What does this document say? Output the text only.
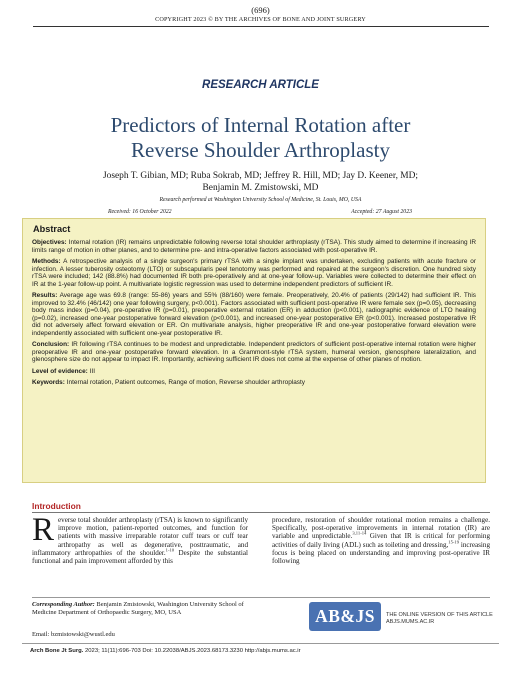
(696)
COPYRIGHT 2023 © BY THE ARCHIVES OF BONE AND JOINT SURGERY
RESEARCH ARTICLE
Predictors of Internal Rotation after
Reverse Shoulder Arthroplasty
Joseph T. Gibian, MD; Ruba Sokrab, MD; Jeffrey R. Hill, MD; Jay D. Keener, MD;
Benjamin M. Zmistowski, MD
Research performed at Washington University School of Medicine, St. Louis, MO, USA
Received: 16 October 2022	Accepted: 27 August 2023
Abstract

Objectives: Internal rotation (IR) remains unpredictable following reverse total shoulder arthroplasty (rTSA). This study aimed to determine if increasing IR limits range of motion in other planes, and to determine pre- and intra-operative factors associated with post-operative IR.

Methods: A retrospective analysis of a single surgeon's primary rTSA with a single implant was undertaken, excluding patients with acute fracture or infection. A lesser tuberosity osteotomy (LTO) or subscapularis peel tenotomy was performed and repaired at the surgeon's discretion. One hundred sixty rTSA were included; 142 (88.8%) had documented IR both pre-operatively and at one-year follow-up. Variables were collected to determine their effect on IR at the 1-year follow-up point. A multivariate logistic regression was used to determine independent predictors of sufficient IR.

Results: Average age was 69.8 (range: 55-86) years and 55% (88/160) were female. Preoperatively, 20.4% of patients (29/142) had sufficient IR. This improved to 32.4% (46/142) one year following surgery, p<0.001). Factors associated with sufficient post-operative IR were female sex (p=0.05), decreasing body mass index (p=0.04), pre-operative IR (p=0.01), preoperative external rotation (ER) in adduction (p<0.001), radiographic evidence of LTO healing (p=0.02), increased one-year postoperative forward elevation (p<0.001), and increased one-year postoperative ER (p<0.001). Increased postoperative IR did not adversely affect forward elevation or ER. On multivariate analysis, higher preoperative IR and one-year postoperative forward elevation were independently associated with sufficient one-year postoperative IR.

Conclusion: IR following rTSA continues to be modest and unpredictable. Independent predictors of sufficient post-operative internal rotation were higher preoperative IR and one-year postoperative forward elevation. In a Grammont-style rTSA system, humeral version, glenosphere lateralization, and glenosphere size do not appear to impact IR. Importantly, achieving sufficient IR does not come at the expense of other planes of motion.

Level of evidence: III

Keywords: Internal rotation, Patient outcomes, Range of motion, Reverse shoulder arthroplasty

Introduction
Reverse total shoulder arthroplasty (rTSA) is known to significantly improve motion, patient-reported outcomes, and function for patients with massive irreparable rotator cuff tears or cuff tear arthropathy as well as degenerative, posttraumatic, and inflammatory arthropathies of the shoulder.$^{1-10}$ Despite the substantial functional and pain improvement afforded by this
procedure, restoration of shoulder rotational motion remains a challenge. Specifically, post-operative improvements in internal rotation (IR) are variable and unpredictable.$^{3,11-14}$ Given that IR is critical for performing activities of daily living (ADL) such as toileting and dressing,$^{15-19}$ increasing focus is being placed on understanding and improving post-operative IR following
Corresponding Author: Benjamin Zmistowski, Washington University School of Medicine Department of Orthopaedic Surgery, MO, USA
Email: bzmistowski@wustl.edu
AB&JS	THE ONLINE VERSION OF THIS ARTICLE
ABJS.MUMS.AC.IR
Arch Bone Jt Surg. 2023; 11(11):696-703 Doi: 10.22038/ABJS.2023.68173.3230 http://abjs.mums.ac.ir
